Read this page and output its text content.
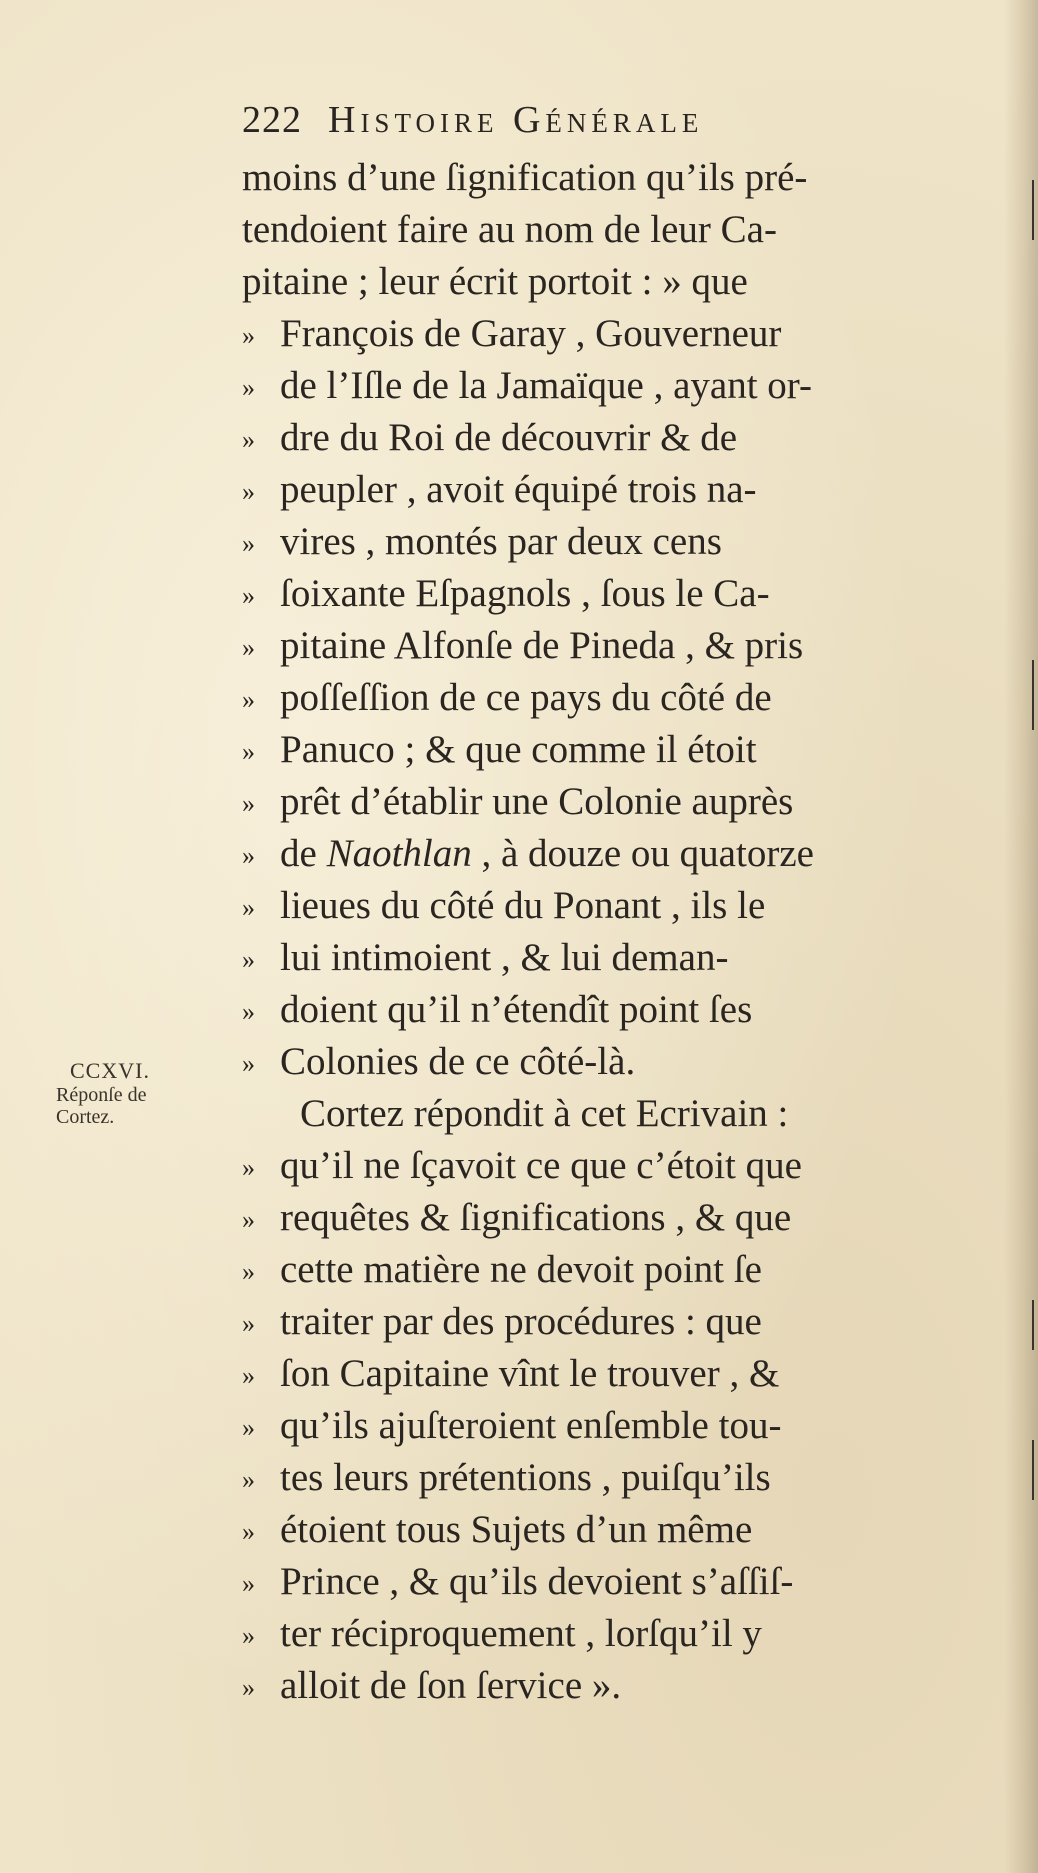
222 Histoire Générale
CCXVI.
Réponſe de
Cortez.
moins d’une ſignification qu’ils pré-
tendoient faire au nom de leur Ca-
pitaine ; leur écrit portoit : » que
» François de Garay , Gouverneur
» de l’Iſle de la Jamaïque , ayant or-
» dre du Roi de découvrir & de
» peupler , avoit équipé trois na-
» vires , montés par deux cens
» ſoixante Eſpagnols , ſous le Ca-
» pitaine Alfonſe de Pineda , & pris
» poſſeſſion de ce pays du côté de
» Panuco ; & que comme il étoit
» prêt d’établir une Colonie auprès
» de Naothlan , à douze ou quatorze
» lieues du côté du Ponant , ils le
» lui intimoient , & lui deman-
» doient qu’il n’étendît point ſes
» Colonies de ce côté-là.
Cortez répondit à cet Ecrivain :
» qu’il ne ſçavoit ce que c’étoit que
» requêtes & ſignifications , & que
» cette matière ne devoit point ſe
» traiter par des procédures : que
» ſon Capitaine vînt le trouver , &
» qu’ils ajuſteroient enſemble tou-
» tes leurs prétentions , puiſqu’ils
» étoient tous Sujets d’un même
» Prince , & qu’ils devoient s’aſſiſ-
» ter réciproquement , lorſqu’il y
» alloit de ſon ſervice ».
